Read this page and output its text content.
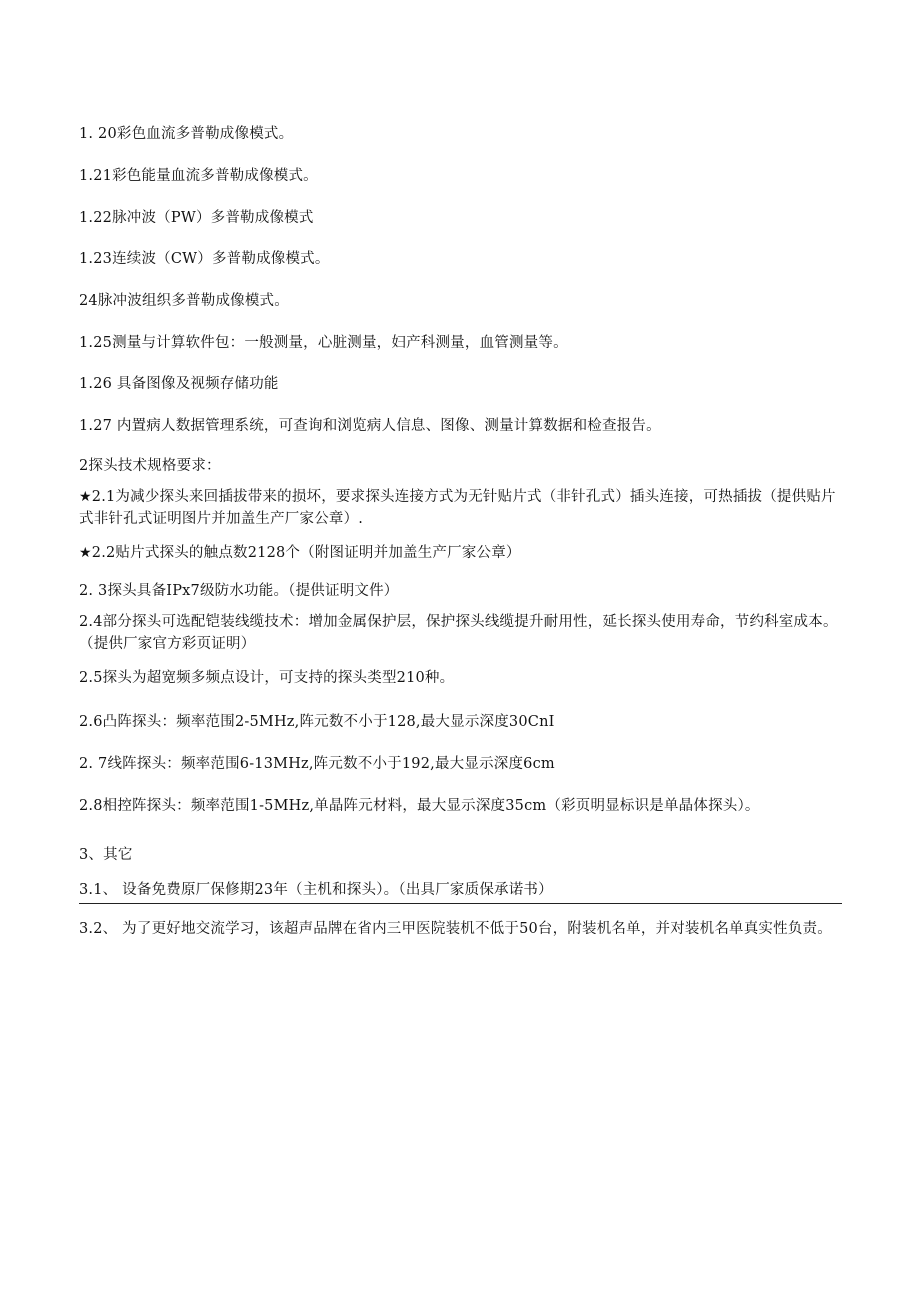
1. 20彩色血流多普勒成像模式。
1.21彩色能量血流多普勒成像模式。
1.22脉冲波（PW）多普勒成像模式
1.23连续波（CW）多普勒成像模式。
24脉冲波组织多普勒成像模式。
1.25测量与计算软件包：一般测量，心脏测量，妇产科测量，血管测量等。
1.26 具备图像及视频存储功能
1.27 内置病人数据管理系统，可查询和浏览病人信息、图像、测量计算数据和检查报告。
2探头技术规格要求：
★2.1为减少探头来回插拔带来的损坏，要求探头连接方式为无针贴片式（非针孔式）插头连接，可热插拔（提供贴片式非针孔式证明图片并加盖生产厂家公章）.
★2.2贴片式探头的触点数2128个（附图证明并加盖生产厂家公章）
2. 3探头具备IPx7级防水功能。（提供证明文件）
2.4部分探头可选配铠装线缆技术：增加金属保护层，保护探头线缆提升耐用性，延长探头使用寿命，节约科室成本。（提供厂家官方彩页证明）
2.5探头为超宽频多频点设计，可支持的探头类型210种。
2.6凸阵探头：频率范围2-5MHz,阵元数不小于128,最大显示深度30CnI
2. 7线阵探头：频率范围6-13MHz,阵元数不小于192,最大显示深度6cm
2.8相控阵探头：频率范围1-5MHz,单晶阵元材料，最大显示深度35cm（彩页明显标识是单晶体探头）。
3、其它
3.1、 设备免费原厂保修期23年（主机和探头）。（出具厂家质保承诺书）
3.2、 为了更好地交流学习，该超声品牌在省内三甲医院装机不低于50台，附装机名单，并对装机名单真实性负责。
